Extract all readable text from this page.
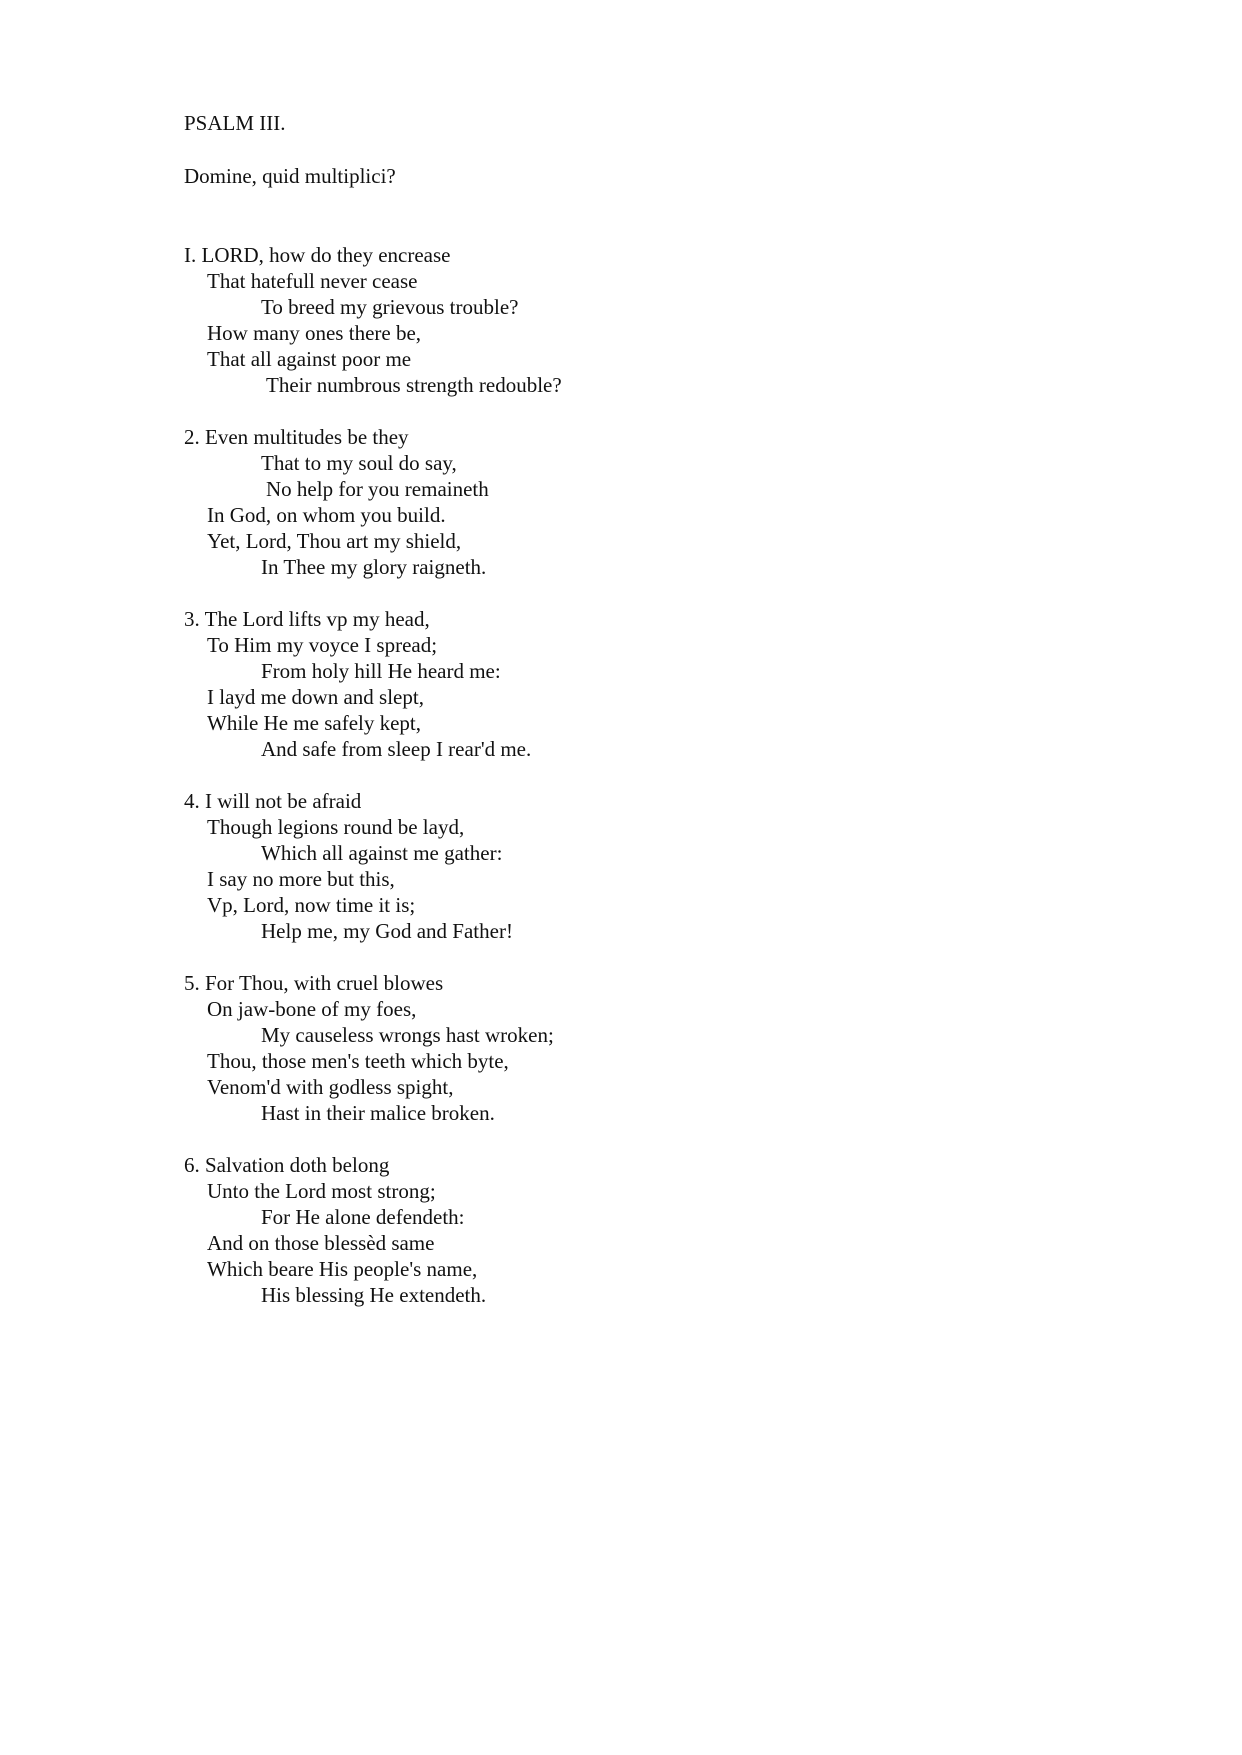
PSALM III.
Domine, quid multiplici?
I. LORD, how do they encrease
That hatefull never cease
To breed my grievous trouble?
How many ones there be,
That all against poor me
Their numbrous strength redouble?
2. Even multitudes be they
That to my soul do say,
No help for you remaineth
In God, on whom you build.
Yet, Lord, Thou art my shield,
In Thee my glory raigneth.
3. The Lord lifts vp my head,
To Him my voyce I spread;
From holy hill He heard me:
I layd me down and slept,
While He me safely kept,
And safe from sleep I rear'd me.
4. I will not be afraid
Though legions round be layd,
Which all against me gather:
I say no more but this,
Vp, Lord, now time it is;
Help me, my God and Father!
5. For Thou, with cruel blowes
On jaw-bone of my foes,
My causeless wrongs hast wroken;
Thou, those men's teeth which byte,
Venom'd with godless spight,
Hast in their malice broken.
6. Salvation doth belong
Unto the Lord most strong;
For He alone defendeth:
And on those blessèd same
Which beare His people's name,
His blessing He extendeth.
